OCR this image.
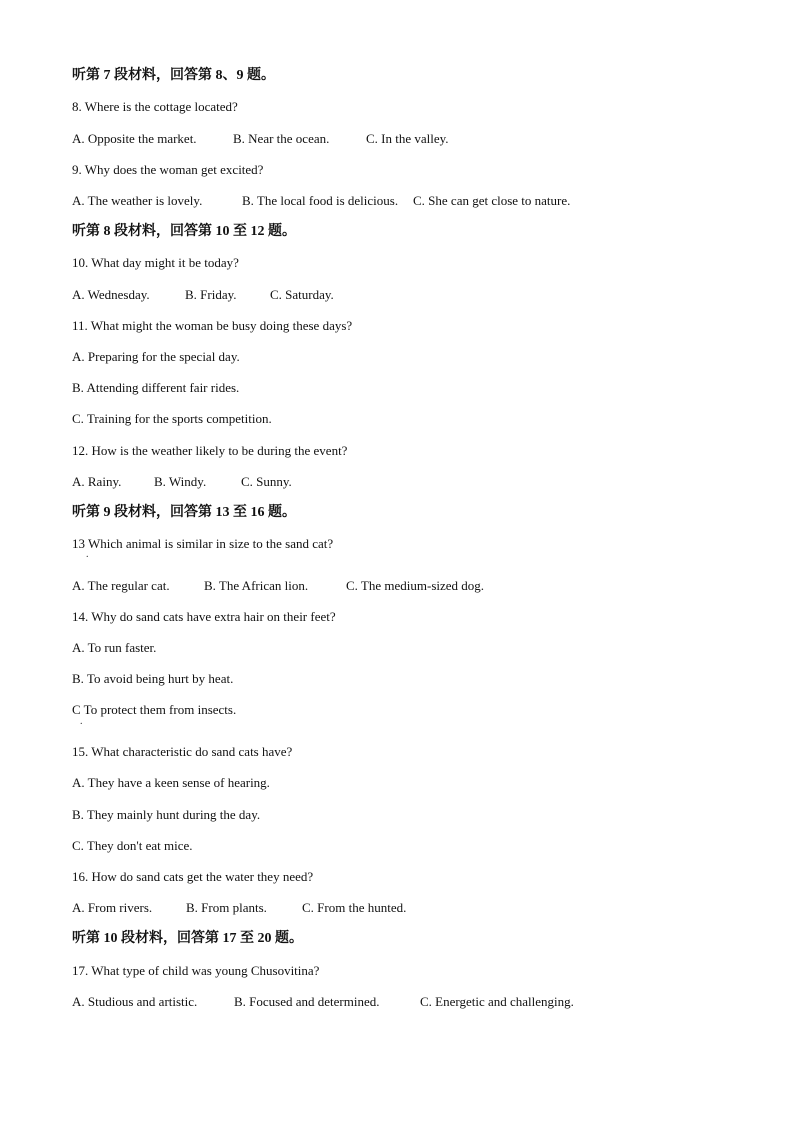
听第 7 段材料，回答第 8、9 题。
8. Where is the cottage located?
A. Opposite the market.	B. Near the ocean.	C. In the valley.
9. Why does the woman get excited?
A. The weather is lovely.	B. The local food is delicious. C. She can get close to nature.
听第 8 段材料，回答第 10 至 12 题。
10. What day might it be today?
A. Wednesday.	B. Friday.	C. Saturday.
11. What might the woman be busy doing these days?
A. Preparing for the special day.
B. Attending different fair rides.
C. Training for the sports competition.
12. How is the weather likely to be during the event?
A. Rainy.	B. Windy.	C. Sunny.
听第 9 段材料，回答第 13 至 16 题。
13 Which animal is similar in size to the sand cat?
.
A. The regular cat.	B. The African lion.	C. The medium-sized dog.
14. Why do sand cats have extra hair on their feet?
A. To run faster.
B. To avoid being hurt by heat.
C To protect them from insects.
.
15. What characteristic do sand cats have?
A. They have a keen sense of hearing.
B. They mainly hunt during the day.
C. They don't eat mice.
16. How do sand cats get the water they need?
A. From rivers.	B. From plants.	C. From the hunted.
听第 10 段材料，回答第 17 至 20 题。
17. What type of child was young Chusovitina?
A. Studious and artistic.	B. Focused and determined.	C. Energetic and challenging.
